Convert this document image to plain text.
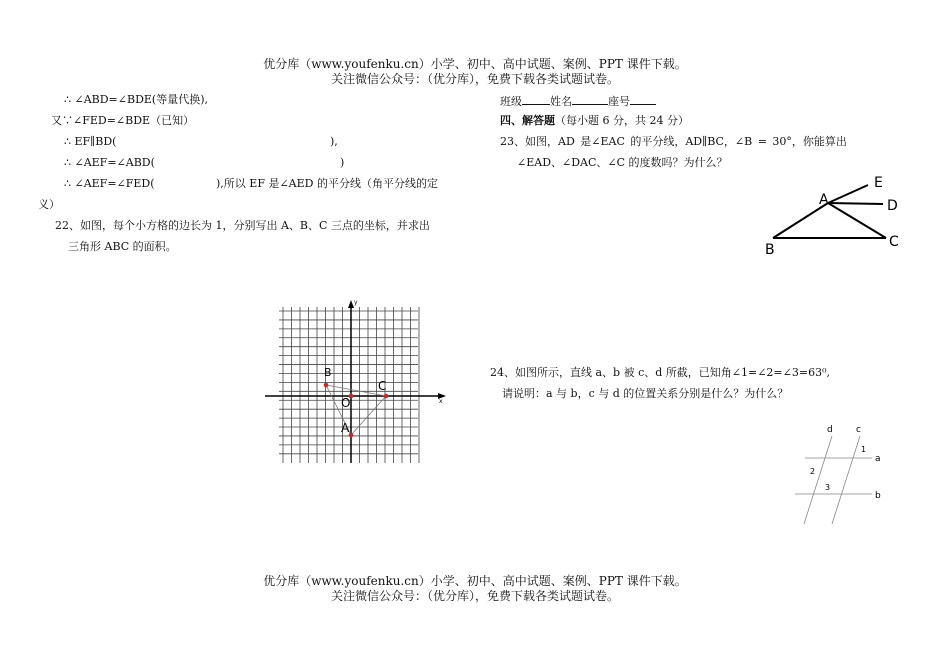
优分库（www.youfenku.cn）小学、初中、高中试题、案例、PPT 课件下载。
关注微信公众号：（优分库），免费下载各类试题试卷。
∴ ∠ABD=∠BDE(等量代换),
又∵∠FED=∠BDE（已知）
∴ EF∥BD(	),
∴ ∠AEF=∠ABD(	)
∴ ∠AEF=∠FED(	),所以 EF 是∠AED 的平分线（角平分线的定
义）
22、如图，每个小方格的边长为 1，分别写出 A、B、C 三点的坐标，并求出
三角形 ABC 的面积。
x
y
B
C
O
A
班级	姓名	座号
四、解答题（每小题 6 分，共 24 分）
23、如图，AD 是∠EAC 的平分线，AD∥BC，∠B = 30°，你能算出
∠EAD、∠DAC、∠C 的度数吗？为什么？
E
A	D
B	C
24、如图所示，直线 a、b 被 c、d 所截，已知角∠1=∠2=∠3=63⁰,
请说明：a 与 b，c 与 d 的位置关系分别是什么？为什么？
d	c
1
a
2
3
b
优分库（www.youfenku.cn）小学、初中、高中试题、案例、PPT 课件下载。
关注微信公众号：（优分库），免费下载各类试题试卷。
